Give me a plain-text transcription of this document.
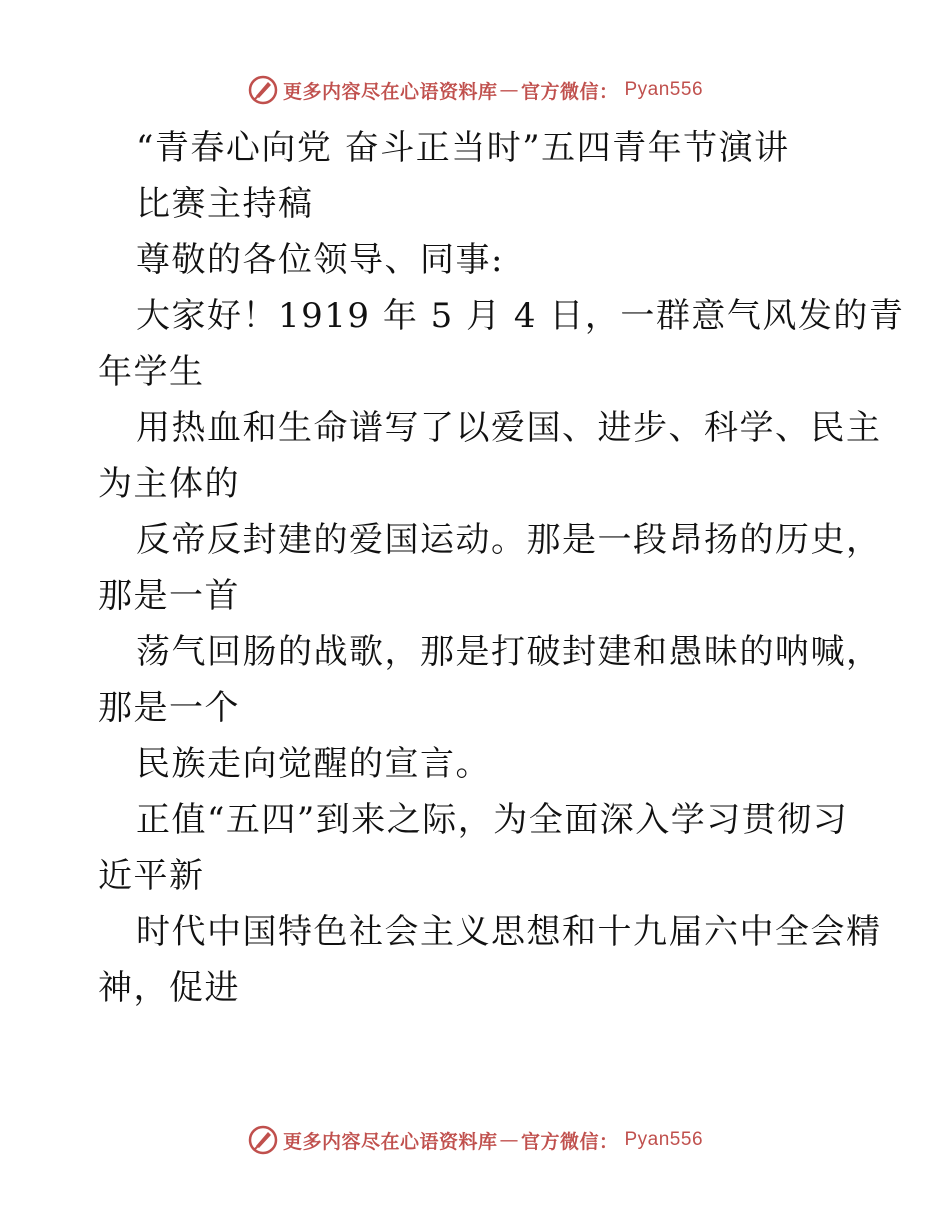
更多内容尽在心语资料库 — 官方微信： Pyan556
“青春心向党 奋斗正当时”五四青年节演讲
比赛主持稿
尊敬的各位领导、同事:
大家好！1919 年 5 月 4 日，一群意气风发的青
年学生
用热血和生命谱写了以爱国、进步、科学、民主
为主体的
反帝反封建的爱国运动。那是一段昂扬的历史，
那是一首
荡气回肠的战歌，那是打破封建和愚昧的呐喊，
那是一个
民族走向觉醒的宣言。
正值“五四”到来之际，为全面深入学习贯彻习
近平新
时代中国特色社会主义思想和十九届六中全会精
神，促进
更多内容尽在心语资料库 — 官方微信： Pyan556
